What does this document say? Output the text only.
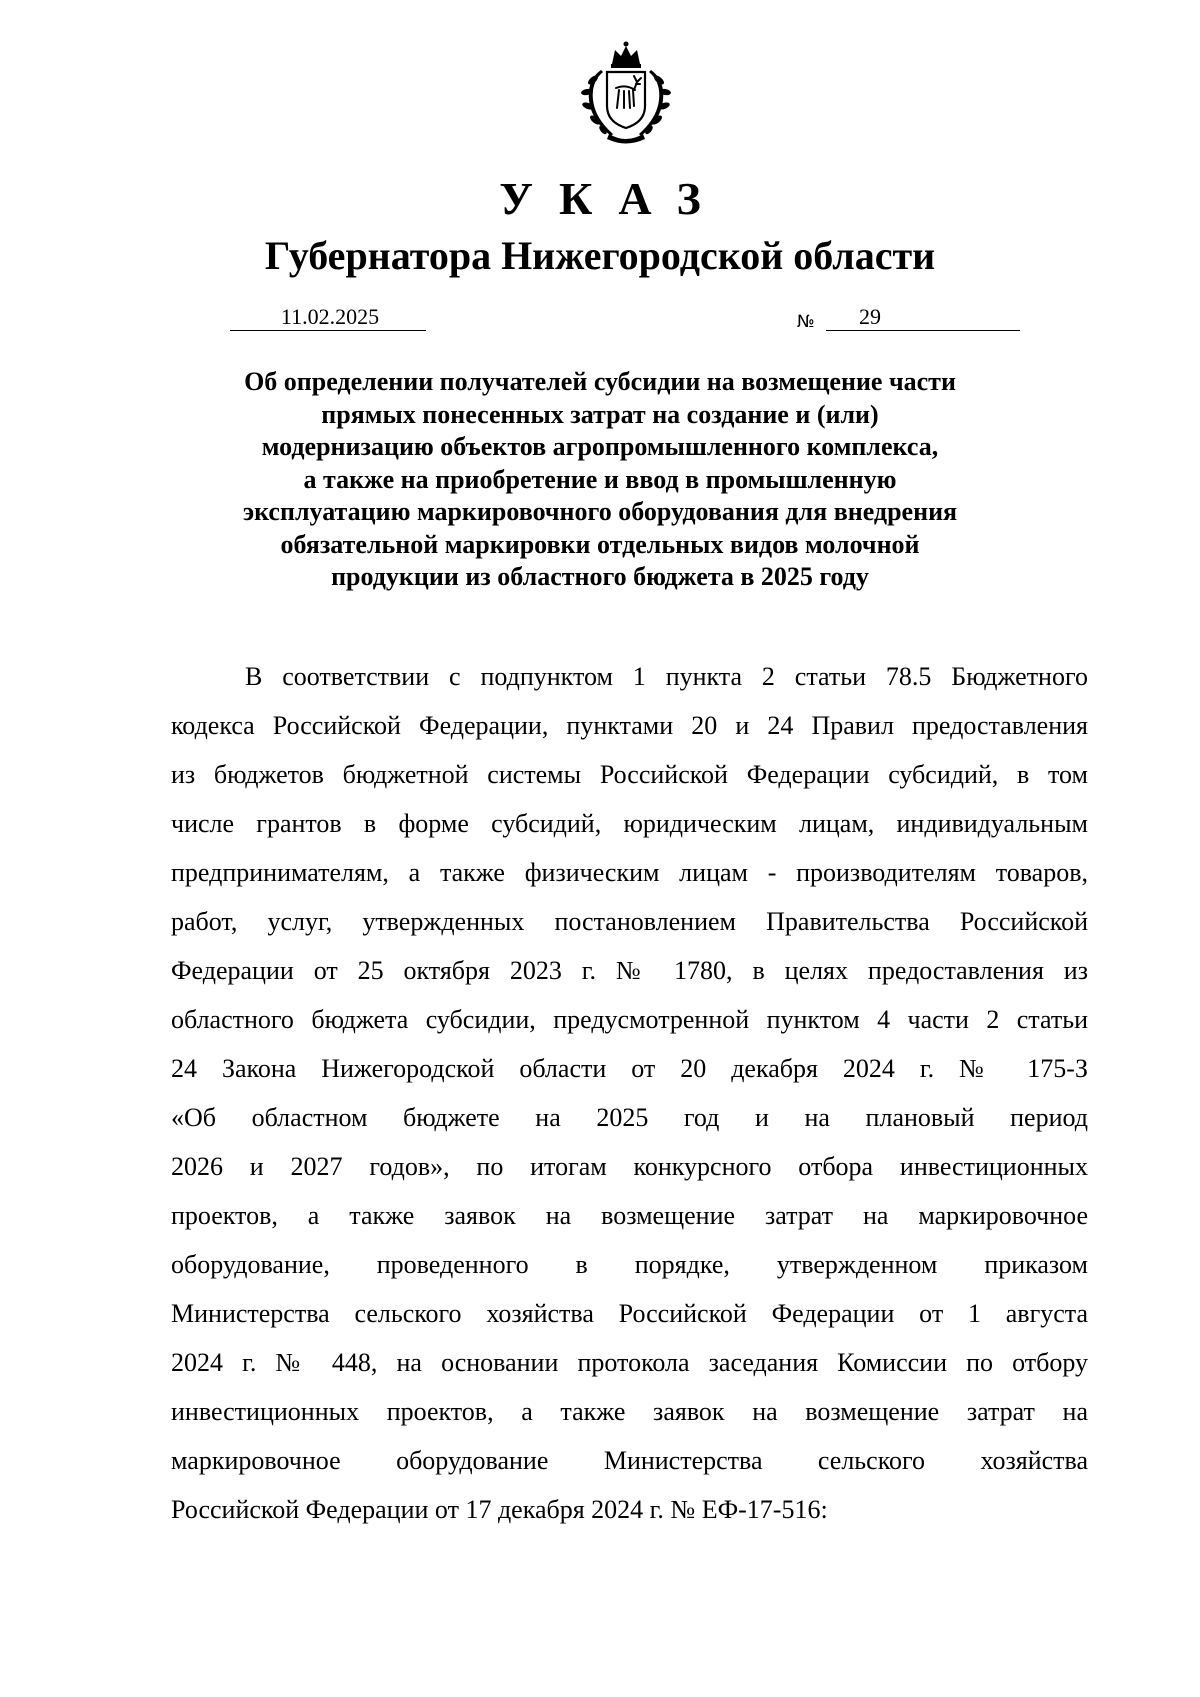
УКАЗ
Губернатора Нижегородской области
11.02.2025	№	29
Об определении получателей субсидии на возмещение части
прямых понесенных затрат на создание и (или)
модернизацию объектов агропромышленного комплекса,
а также на приобретение и ввод в промышленную
эксплуатацию маркировочного оборудования для внедрения
обязательной маркировки отдельных видов молочной
продукции из областного бюджета в 2025 году
В соответствии с подпунктом 1 пункта 2 статьи 78.5 Бюджетного
кодекса Российской Федерации, пунктами 20 и 24 Правил предоставления
из бюджетов бюджетной системы Российской Федерации субсидий, в том
числе грантов в форме субсидий, юридическим лицам, индивидуальным
предпринимателям, а также физическим лицам - производителям товаров,
работ, услуг, утвержденных постановлением Правительства Российской
Федерации от 25 октября 2023 г. № 1780, в целях предоставления из
областного бюджета субсидии, предусмотренной пунктом 4 части 2 статьи
24 Закона Нижегородской области от 20 декабря 2024 г. № 175-З
«Об областном бюджете на 2025 год и на плановый период
2026 и 2027 годов», по итогам конкурсного отбора инвестиционных
проектов, а также заявок на возмещение затрат на маркировочное
оборудование, проведенного в порядке, утвержденном приказом
Министерства сельского хозяйства Российской Федерации от 1 августа
2024 г. № 448, на основании протокола заседания Комиссии по отбору
инвестиционных проектов, а также заявок на возмещение затрат на
маркировочное оборудование Министерства сельского хозяйства
Российской Федерации от 17 декабря 2024 г. № ЕФ-17-516:
